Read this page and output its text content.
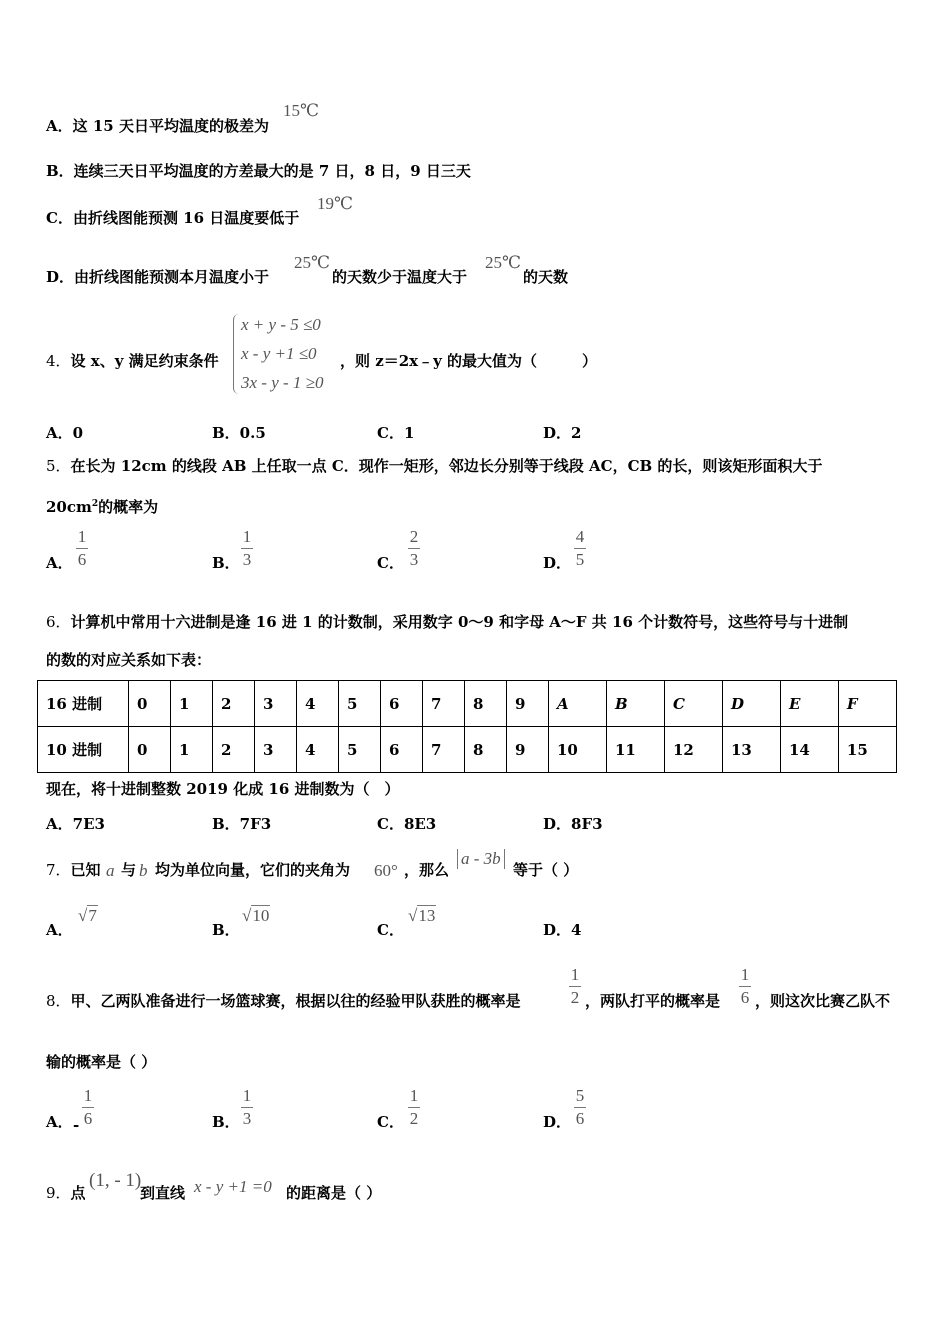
A．这 15 天日平均温度的极差为
15℃
B．连续三天日平均温度的方差最大的是 7 日，8 日，9 日三天
C．由折线图能预测 16 日温度要低于
19℃
D．由折线图能预测本月温度小于
25℃
的天数少于温度大于
25℃
的天数
4．设 x、y 满足约束条件
x + y - 5 ≤0
x - y +1 ≤0
3x - y - 1 ≥0
，则 z＝2x﹣y 的最大值为（　　　）
A．0	B．0.5	C．1	D．2
5．在长为 12cm 的线段 AB 上任取一点 C．现作一矩形，邻边长分别等于线段 AC，CB 的长，则该矩形面积大于
$20cm^2$的概率为
A．
1
6	B．
1
3	C．
2
3	D．
4
5
6．计算机中常用十六进制是逢 16 进 1 的计数制，采用数字 0～9 和字母 A～F 共 16 个计数符号，这些符号与十进制
的数的对应关系如下表：
16 进制	0	1	2	3	4	5	6	7	8	9	A	B	C	D	E	F
10 进制	0	1	2	3	4	5	6	7	8	9	10	11	12	13	14	15
现在，将十进制整数 2019 化成 16 进制数为（　）
A．7E3	B．7F3	C．8E3	D．8F3
7．已知 a 与 b 均为单位向量，它们的夹角为 60° ，那么
a - 3b
等于（ ）
A．
√7
B．
√10
C．
√13
D．4
8．甲、乙两队准备进行一场篮球赛，根据以往的经验甲队获胜的概率是
1
2 ，两队打平的概率是
1
6 ，则这次比赛乙队不
输的概率是（ ）
A． -
1
6	B．
1
3	C．
1
2	D．
5
6
9．点
(1, - 1)
到直线 x - y +1 =0 的距离是（ ）
